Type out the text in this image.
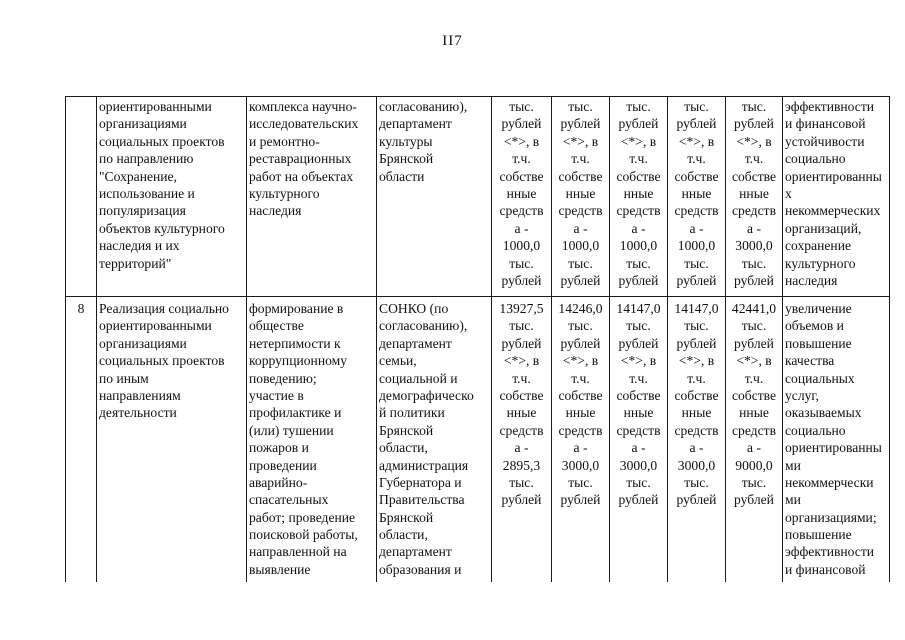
II7
ориентированными
организациями
социальных проектов
по направлению
"Сохранение,
использование и
популяризация
объектов культурного
наследия и их
территорий"
комплекса научно-
исследовательских
и ремонтно-
реставрационных
работ на объектах
культурного
наследия
согласованию),
департамент
культуры
Брянской
области
тыс.
рублей
<*>, в
т.ч.
собстве
нные
средств
а -
1000,0
тыс.
рублей
тыс.
рублей
<*>, в
т.ч.
собстве
нные
средств
а -
1000,0
тыс.
рублей
тыс.
рублей
<*>, в
т.ч.
собстве
нные
средств
а -
1000,0
тыс.
рублей
тыс.
рублей
<*>, в
т.ч.
собстве
нные
средств
а -
1000,0
тыс.
рублей
тыс.
рублей
<*>, в
т.ч.
собстве
нные
средств
а -
3000,0
тыс.
рублей
эффективности
и финансовой
устойчивости
социально
ориентированны
х
некоммерческих
организаций,
сохранение
культурного
наследия
8	Реализация социально
ориентированными
организациями
социальных проектов
по иным
направлениям
деятельности
формирование в
обществе
нетерпимости к
коррупционному
поведению;
участие в
профилактике и
(или) тушении
пожаров и
проведении
аварийно-
спасательных
работ; проведение
поисковой работы,
направленной на
выявление
СОНКО (по
согласованию),
департамент
семьи,
социальной и
демографическо
й политики
Брянской
области,
администрация
Губернатора и
Правительства
Брянской
области,
департамент
образования и
13927,5
тыс.
рублей
<*>, в
т.ч.
собстве
нные
средств
а -
2895,3
тыс.
рублей
14246,0
тыс.
рублей
<*>, в
т.ч.
собстве
нные
средств
а -
3000,0
тыс.
рублей
14147,0
тыс.
рублей
<*>, в
т.ч.
собстве
нные
средств
а -
3000,0
тыс.
рублей
14147,0
тыс.
рублей
<*>, в
т.ч.
собстве
нные
средств
а -
3000,0
тыс.
рублей
42441,0
тыс.
рублей
<*>, в
т.ч.
собстве
нные
средств
а -
9000,0
тыс.
рублей
увеличение
объемов и
повышение
качества
социальных
услуг,
оказываемых
социально
ориентированны
ми
некоммерчески
ми
организациями;
повышение
эффективности
и финансовой
